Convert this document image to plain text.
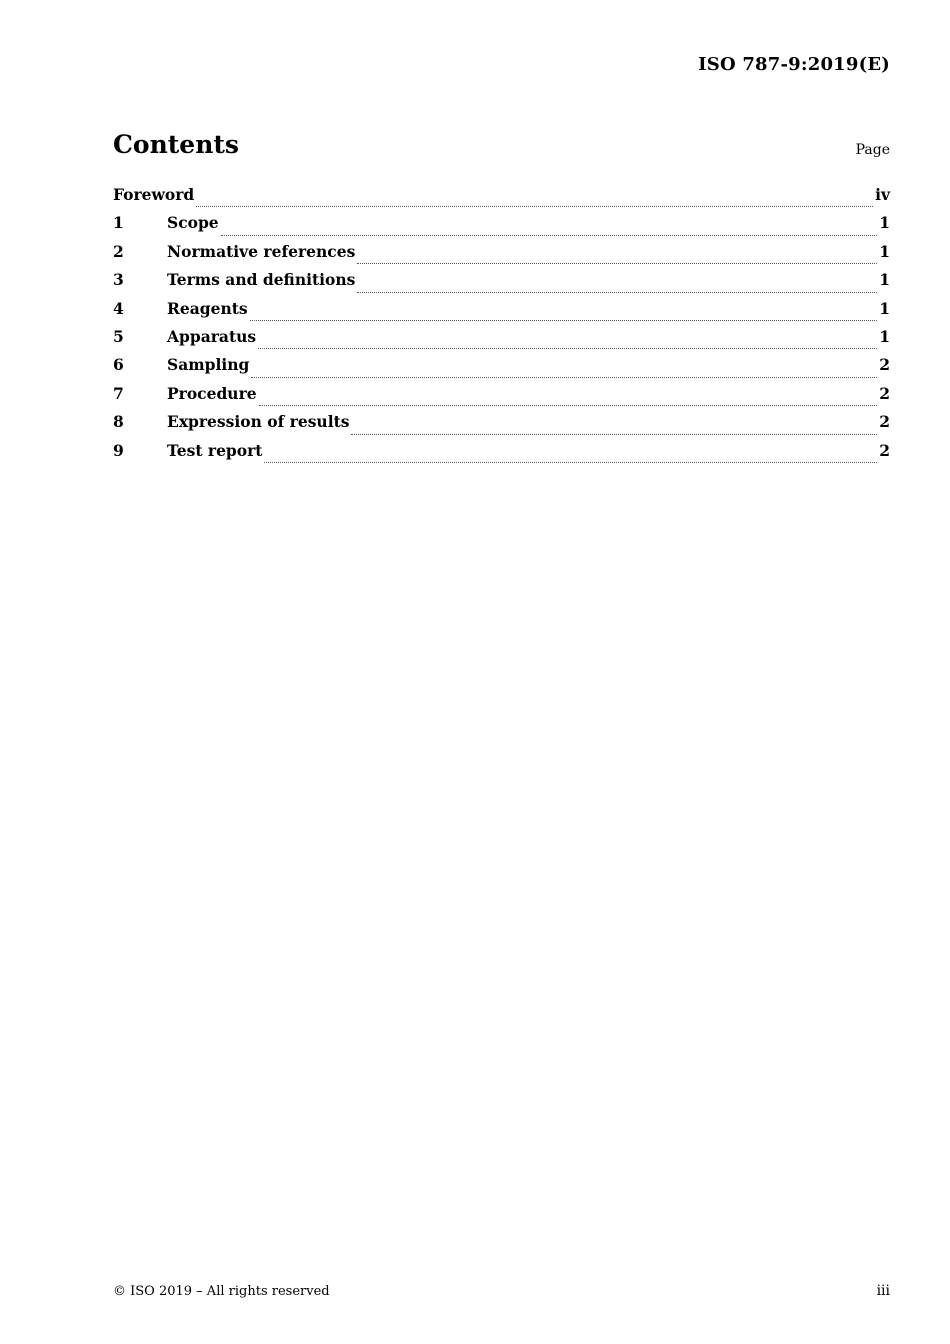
ISO 787-9:2019(E)
Contents	Page
Foreword	iv
1	Scope	1
2	Normative references	1
3	Terms and definitions	1
4	Reagents	1
5	Apparatus	1
6	Sampling	2
7	Procedure	2
8	Expression of results	2
9	Test report	2
© ISO 2019 – All rights reserved	iii
